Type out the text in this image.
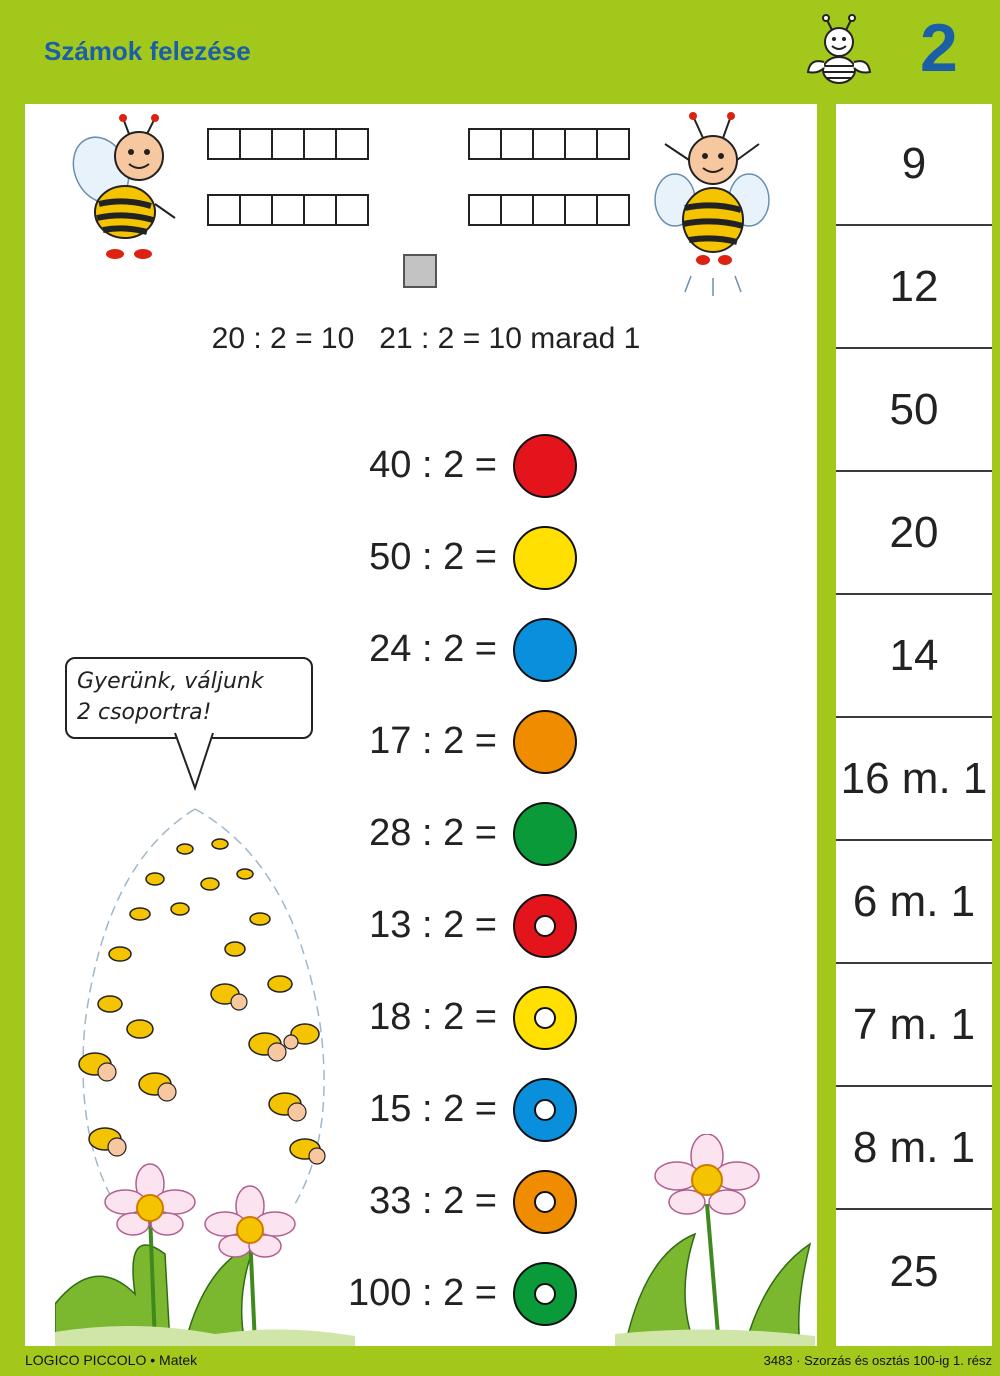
Számok felezése	2
20 : 2 = 10   21 : 2 = 10 marad 1
40 : 2 =
50 : 2 =
24 : 2 =
17 : 2 =
28 : 2 =
13 : 2 =
18 : 2 =
15 : 2 =
33 : 2 =
100 : 2 =
Gyerünk, váljunk
2 csoportra!
9
12
50
20
14
16 m. 1
6 m. 1
7 m. 1
8 m. 1
25
LOGICO PICCOLO • Matek	3483 · Szorzás és osztás 100-ig 1. rész
